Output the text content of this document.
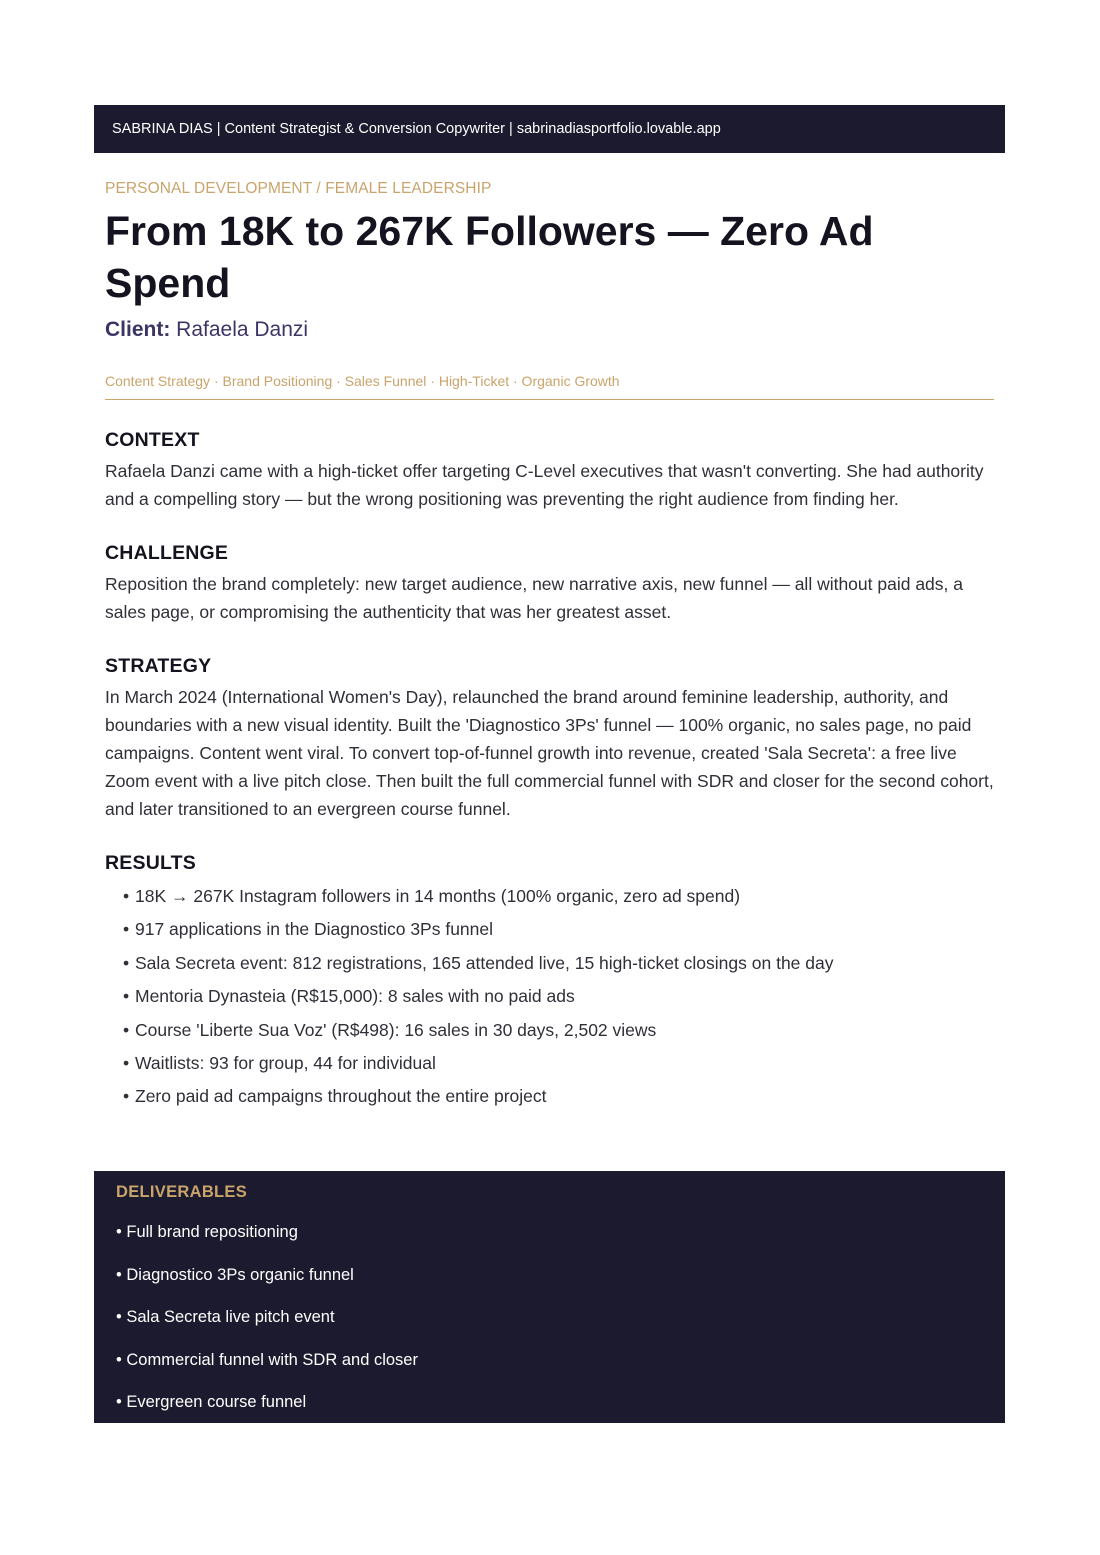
SABRINA DIAS | Content Strategist & Conversion Copywriter | sabrinadiasportfolio.lovable.app

PERSONAL DEVELOPMENT / FEMALE LEADERSHIP

From 18K to 267K Followers — Zero Ad Spend

Client: Rafaela Danzi

Content Strategy · Brand Positioning · Sales Funnel · High-Ticket · Organic Growth

CONTEXT

Rafaela Danzi came with a high-ticket offer targeting C-Level executives that wasn't converting. She had authority and a compelling story — but the wrong positioning was preventing the right audience from finding her.

CHALLENGE

Reposition the brand completely: new target audience, new narrative axis, new funnel — all without paid ads, a sales page, or compromising the authenticity that was her greatest asset.

STRATEGY

In March 2024 (International Women's Day), relaunched the brand around feminine leadership, authority, and boundaries with a new visual identity. Built the 'Diagnostico 3Ps' funnel — 100% organic, no sales page, no paid campaigns. Content went viral. To convert top-of-funnel growth into revenue, created 'Sala Secreta': a free live Zoom event with a live pitch close. Then built the full commercial funnel with SDR and closer for the second cohort, and later transitioned to an evergreen course funnel.

RESULTS
• 18K → 267K Instagram followers in 14 months (100% organic, zero ad spend)
• 917 applications in the Diagnostico 3Ps funnel
• Sala Secreta event: 812 registrations, 165 attended live, 15 high-ticket closings on the day
• Mentoria Dynasteia (R$15,000): 8 sales with no paid ads
• Course 'Liberte Sua Voz' (R$498): 16 sales in 30 days, 2,502 views
• Waitlists: 93 for group, 44 for individual
• Zero paid ad campaigns throughout the entire project

DELIVERABLES

• Full brand repositioning
• Diagnostico 3Ps organic funnel
• Sala Secreta live pitch event
• Commercial funnel with SDR and closer
• Evergreen course funnel
